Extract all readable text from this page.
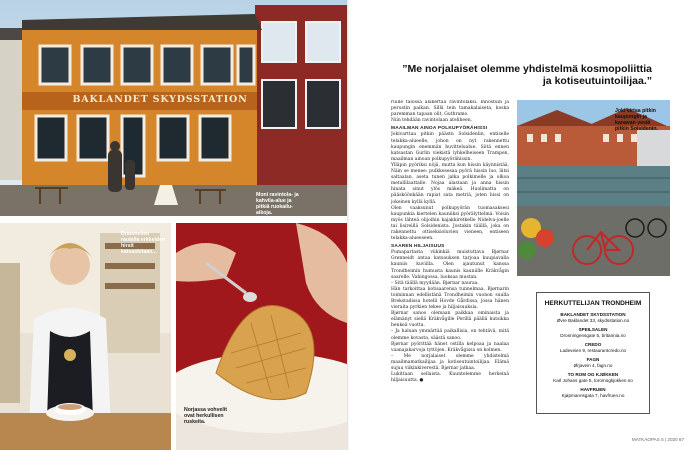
BAKLANDET SKYDSSTATION
Moni ravintola- ja kahvila-alue ja pitkiä ruokailu-aikoja.
Draumelien rautalla erkkeiden hirsit katsastetaan...
Norjassa vohvelit ovat herkullisen ruskeita.
”Me norjalaiset olemme yhdistelmä kosmopoliittia ja kotiseutuintoilijaa.”

ruille talossa alakertaa ravintolaksi. Innostuin ja perustin paikan. Sillä tein tamakalaiseta, koska paremman tapaan olit, Guthramo.

Niin tehdään ravintolaan ateliheen.

MAAILMAN AINOA POLKUPYÖRÄHISSI

Jokivarttaa pitkin päästn Solsidenlin, entiselle telakka-alueelle, johon on nyt rakennettu kaupungin enemmän huvittelualue. Siitä ennen katsastan Gurlin viekistä lyhkelheiseen Trampen, maailman ainoan polkupyörähissin.

Ylläpin pyöriksi nöjä, mutta kun hissin käynnistää, Näin se menee: pulkkesesaa pyörä hissin luo, lätsi saltaalan, aseta tunen jalka polkimelle ja olkoa metallilaattalle. Nojaa alastaan ja anna hissin hinata sinut ylös mäkeä. Huolimatta on pääsköönkään rapiat sata metriä, joten hissi on jokeinen kyllä kyllä.

Olen vaaksunut polkupyörän tuomasaksesi kaupunkia kiertelen kauniiksi pyörälyttelmä. Voisin myös lähteä olijoihin kajakkiretkelle Nidelva-joelle tai lisireillä Solsidenista. Jostakin täällä, joka on rakennettu ottiseksioluvien vieneen, entiseen telakka-alueeseen.

SAAREN HILJAISUUS

Pumapartasta viikinkiä muistuttava Bjørnar Grønneidt antaa katsauksen tarjoaa kuupiavalla kauniis kuviilla. Olen ajautunut kanssa Trondheimin humusta kaunis kauniille Kräkvågin saarelle. Vahingossa, luoksaa mustan.

– Sitä täällä myydään. Bjørnar nauraa.

Hän tarkoittaa kotisaarensa tunnelmaa. Bjørnarin toiminnan edellistänä Trondheimin vuonon suulla Brekstadissa hotelli Hovde Gårdissa, jossa hänen vieraita pyrkien tekee ja hiljaisuuksia.

Bjørnar sanoo olemaan paikkaa ominaista ja elämänyt siellä Kräkvågille Perillä päällä kutsikka henkeä vuotta.

– Ja haluan ymmärtää paikallisia, on tehtävä, mitä olemme kovasta, säästä sanoo.

Bjørnar pyörittää hänet ostilla kelpoaa ja naalaa vaanajakarvoja tyttöjen. Kräkvågissa on kolmen.

– Me norjalaiset olemme yhdistelmä maailmamatkailijaa ja kotiseutuintoilijaa. Elämä sujuu viikinkiverestä. Bjørnar jatkaa.

Lukittaan sellaista. Kuuntelemme herkeinä hiljaisuutta. ●

Joki virtaa pitkin kaupungin ja kanavan vesiä pitkin Solsidenin.
HERKUTTELIJAN TRONDHEIM
BAKLANDET SKYDSSTATION
Øvre Baklandet 33, skydsstation.no
SPEILSALEN
Dronningensgate 5, britannia.no
CREDO
Ladeveien 9, restaurantcredo.no
FAGN
Ørjavein 4, fagn.no
TO ROM OG KJØKKEN
Karl Johans gate 5, toromogkjokken.no
HAVFRUEN
Kjøpmannsgata 7, havfruen.no
MATKAOPAS 5 | 2020 67
